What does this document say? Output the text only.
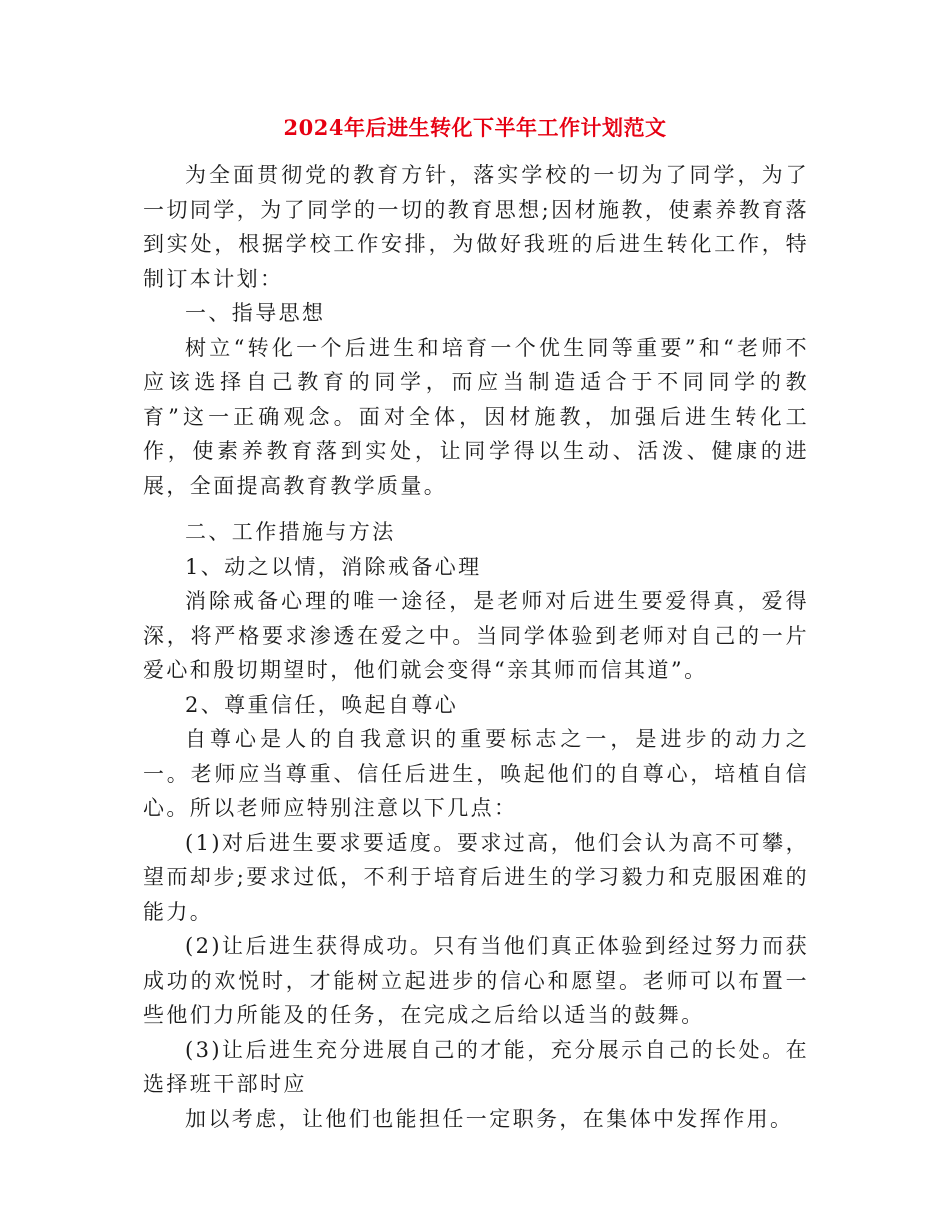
2024年后进生转化下半年工作计划范文

为全面贯彻党的教育方针，落实学校的一切为了同学，为了一切同学，为了同学的一切的教育思想;因材施教，使素养教育落到实处，根据学校工作安排，为做好我班的后进生转化工作，特制订本计划：

一、指导思想

树立“转化一个后进生和培育一个优生同等重要”和“老师不应该选择自己教育的同学，而应当制造适合于不同同学的教育”这一正确观念。面对全体，因材施教，加强后进生转化工作，使素养教育落到实处，让同学得以生动、活泼、健康的进展，全面提高教育教学质量。

二、工作措施与方法

1、动之以情，消除戒备心理

消除戒备心理的唯一途径，是老师对后进生要爱得真，爱得深，将严格要求渗透在爱之中。当同学体验到老师对自己的一片爱心和殷切期望时，他们就会变得“亲其师而信其道”。

2、尊重信任，唤起自尊心

自尊心是人的自我意识的重要标志之一，是进步的动力之一。老师应当尊重、信任后进生，唤起他们的自尊心，培植自信心。所以老师应特别注意以下几点：

(1)对后进生要求要适度。要求过高，他们会认为高不可攀，望而却步;要求过低，不利于培育后进生的学习毅力和克服困难的能力。

(2)让后进生获得成功。只有当他们真正体验到经过努力而获成功的欢悦时，才能树立起进步的信心和愿望。老师可以布置一些他们力所能及的任务，在完成之后给以适当的鼓舞。

(3)让后进生充分进展自己的才能，充分展示自己的长处。在选择班干部时应

加以考虑，让他们也能担任一定职务，在集体中发挥作用。
